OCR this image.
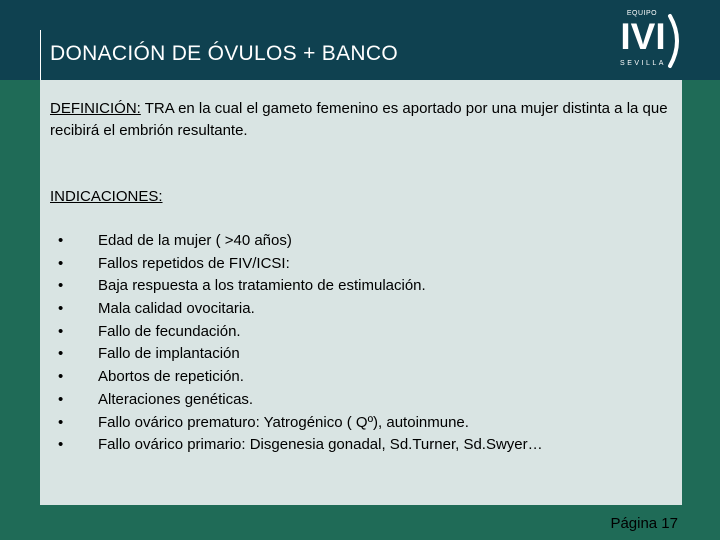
DONACIÓN DE ÓVULOS + BANCO
EQUIPO
IVI
SEVILLA

DEFINICIÓN: TRA en la cual el gameto femenino es aportado por una mujer distinta a la que recibirá el embrión resultante.

INDICACIONES:

• Edad de la mujer ( >40 años)
• Fallos repetidos de FIV/ICSI:
• Baja respuesta a los tratamiento de estimulación.
• Mala calidad ovocitaria.
• Fallo de fecundación.
• Fallo de implantación
• Abortos de repetición.
• Alteraciones genéticas.
• Fallo ovárico prematuro: Yatrogénico ( Qº), autoinmune.
• Fallo ovárico primario: Disgenesia gonadal, Sd.Turner, Sd.Swyer…

Página 17
